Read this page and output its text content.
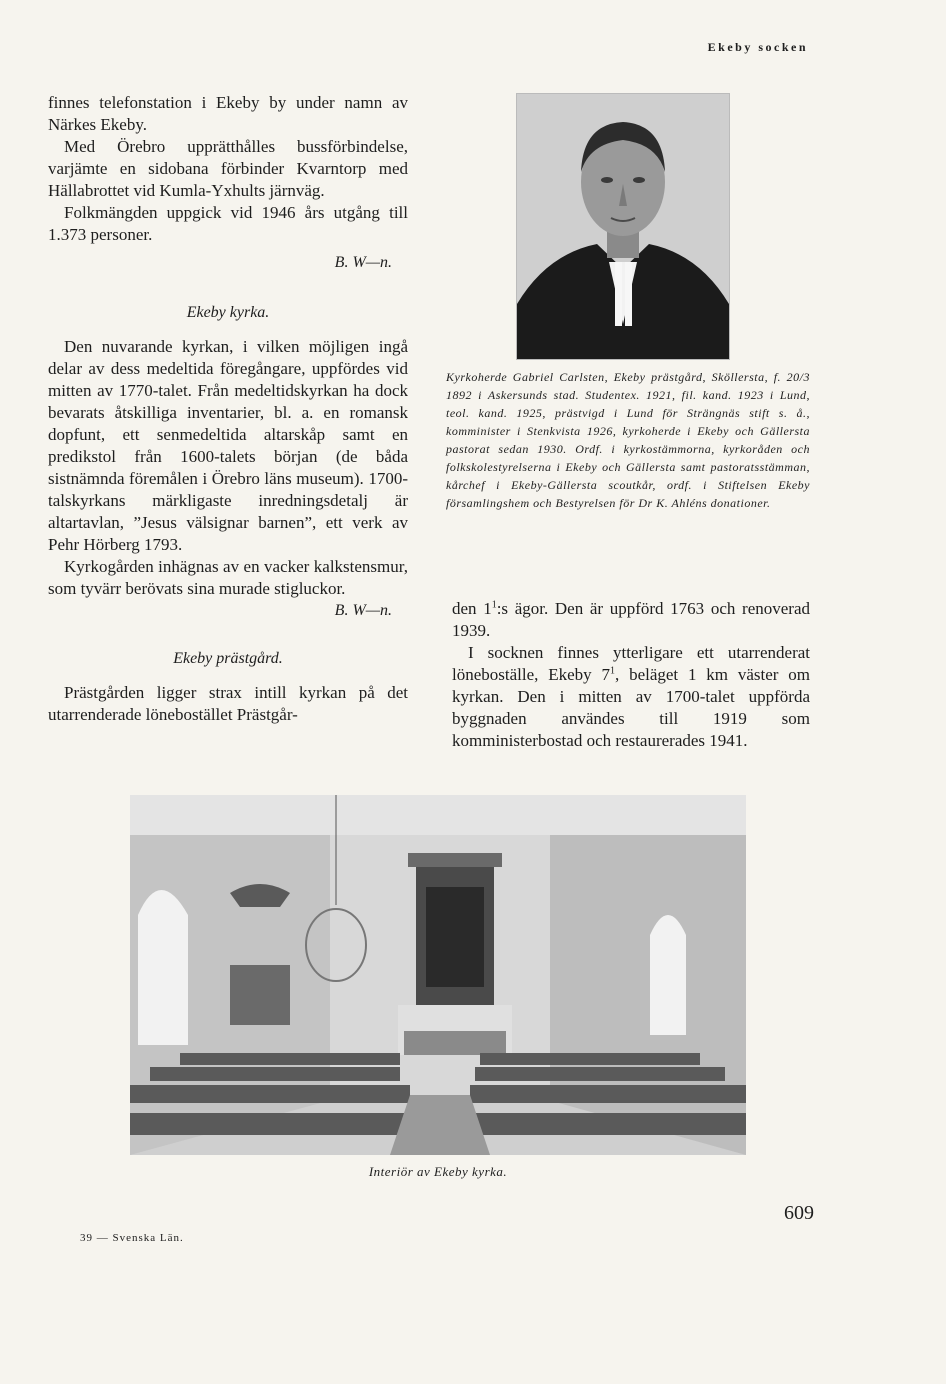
Ekeby socken

finnes telefonstation i Ekeby by under namn av Närkes Ekeby.

Med Örebro upprätthålles bussförbindelse, varjämte en sidobana förbinder Kvarntorp med Hällabrottet vid Kumla-Yxhults järnväg.

Folkmängden uppgick vid 1946 års utgång till 1.373 personer.

B. W—n.
Ekeby kyrka.

Den nuvarande kyrkan, i vilken möjligen ingå delar av dess medeltida föregångare, uppfördes vid mitten av 1770-talet. Från medeltidskyrkan ha dock bevarats åtskilliga inventarier, bl. a. en romansk dopfunt, ett senmedeltida altarskåp samt en predikstol från 1600-talets början (de båda sistnämnda föremålen i Örebro läns museum). 1700-talskyrkans märkligaste inredningsdetalj är altartavlan, ”Jesus välsignar barnen”, ett verk av Pehr Hörberg 1793.

Kyrkogården inhägnas av en vacker kalkstensmur, som tyvärr berövats sina murade stigluckor.

B. W—n.
Ekeby prästgård.

Prästgården ligger strax intill kyrkan på det utarrenderade lönebostället Prästgår-

Kyrkoherde Gabriel Carlsten, Ekeby prästgård, Sköllersta, f. 20/3 1892 i Askersunds stad. Studentex. 1921, fil. kand. 1923 i Lund, teol. kand. 1925, prästvigd i Lund för Strängnäs stift s. å., komminister i Stenkvista 1926, kyrkoherde i Ekeby och Gällersta pastorat sedan 1930. Ordf. i kyrkostämmorna, kyrkoråden och folkskolestyrelserna i Ekeby och Gällersta samt pastoratsstämman, kårchef i Ekeby-Gällersta scoutkår, ordf. i Stiftelsen Ekeby församlingshem och Bestyrelsen för Dr K. Ahléns donationer.

den $1^1:s$ ägor. Den är uppförd 1763 och renoverad 1939.

I socknen finnes ytterligare ett utarrenderat löneboställe, Ekeby $7^1$, beläget 1 km väster om kyrkan. Den i mitten av 1700-talet uppförda byggnaden användes till 1919 som komministerbostad och restaurerades 1941.

Interiör av Ekeby kyrka.
39 — Svenska Län.
609
